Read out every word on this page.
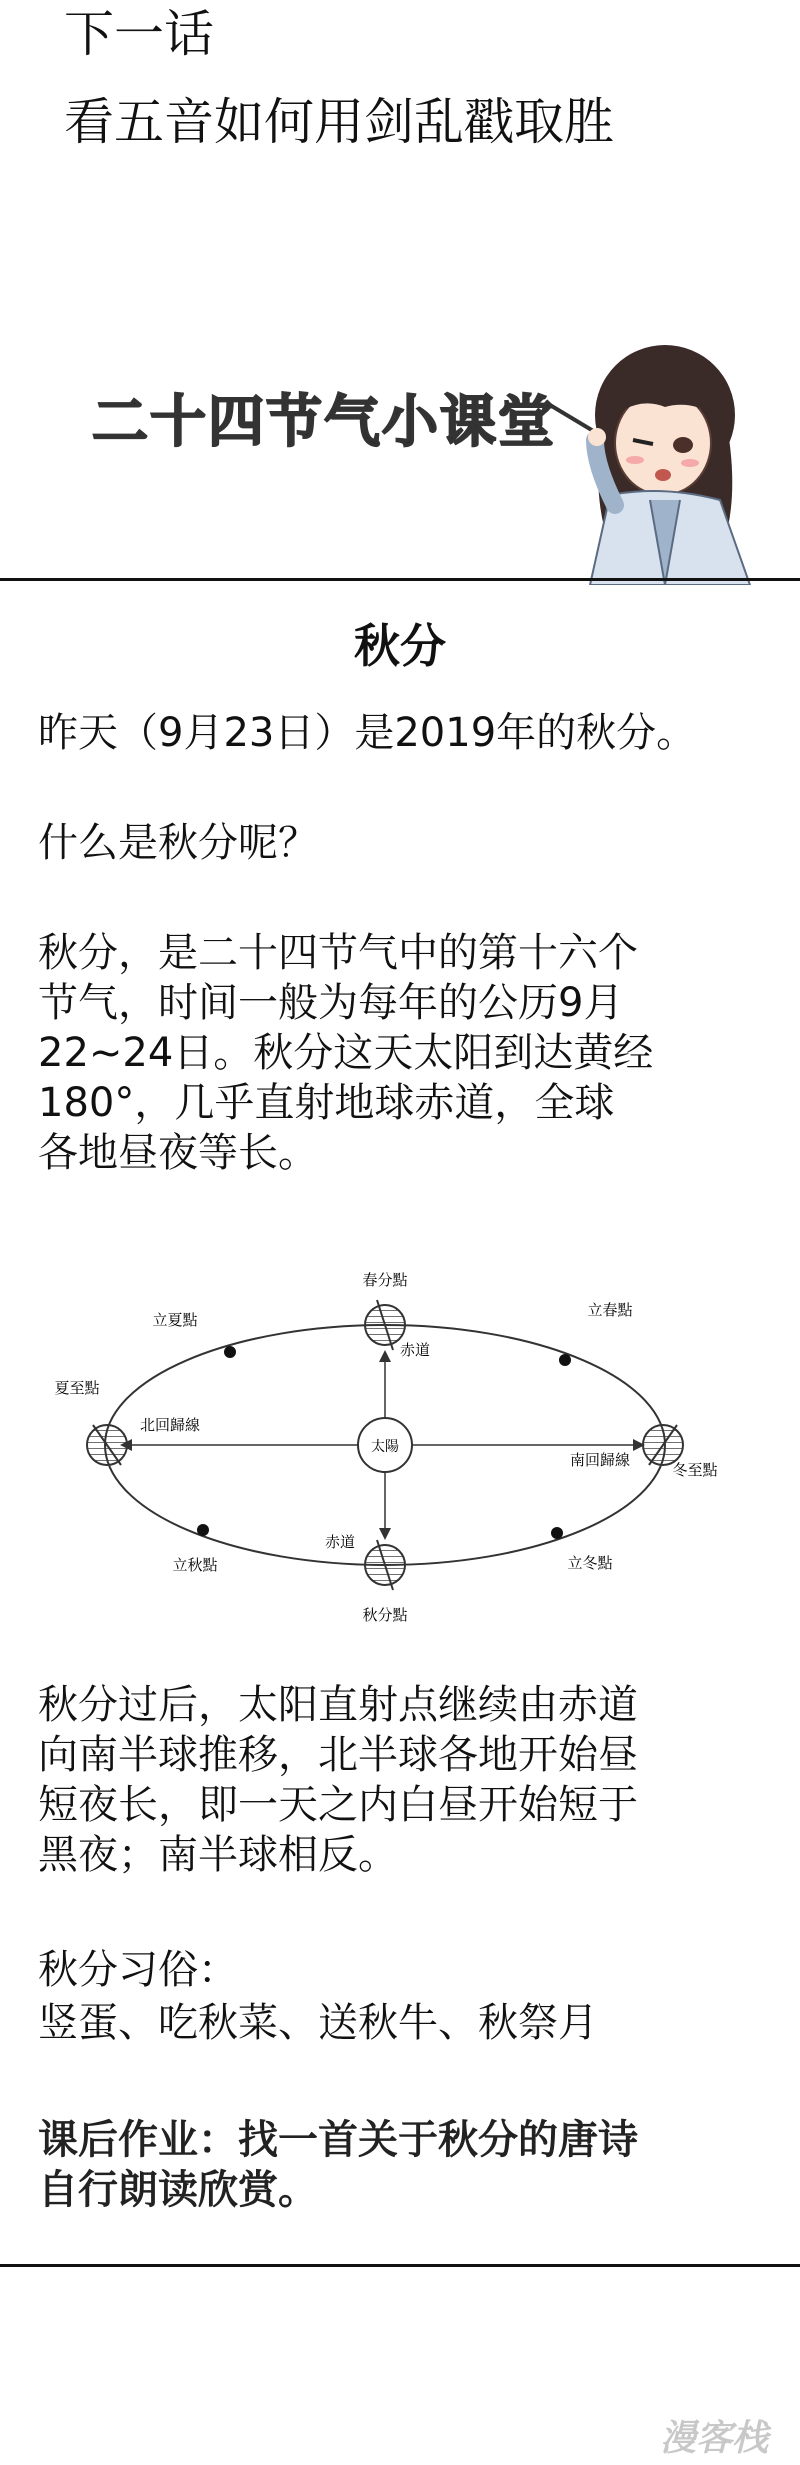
下一话
看五音如何用剑乱戳取胜
二十四节气小课堂
秋分
昨天（9月23日）是2019年的秋分。
什么是秋分呢？
秋分，是二十四节气中的第十六个
节气，时间一般为每年的公历9月
22~24日。秋分这天太阳到达黄经
180°，几乎直射地球赤道，全球
各地昼夜等长。
太陽
春分點
赤道
立夏點
立春點
夏至點
北回歸線
南回歸線
冬至點
赤道
立秋點	立冬點
秋分點
秋分过后，太阳直射点继续由赤道
向南半球推移，北半球各地开始昼
短夜长，即一天之内白昼开始短于
黑夜；南半球相反。
秋分习俗：
竖蛋、吃秋菜、送秋牛、秋祭月
课后作业：找一首关于秋分的唐诗
自行朗读欣赏。
漫客栈
